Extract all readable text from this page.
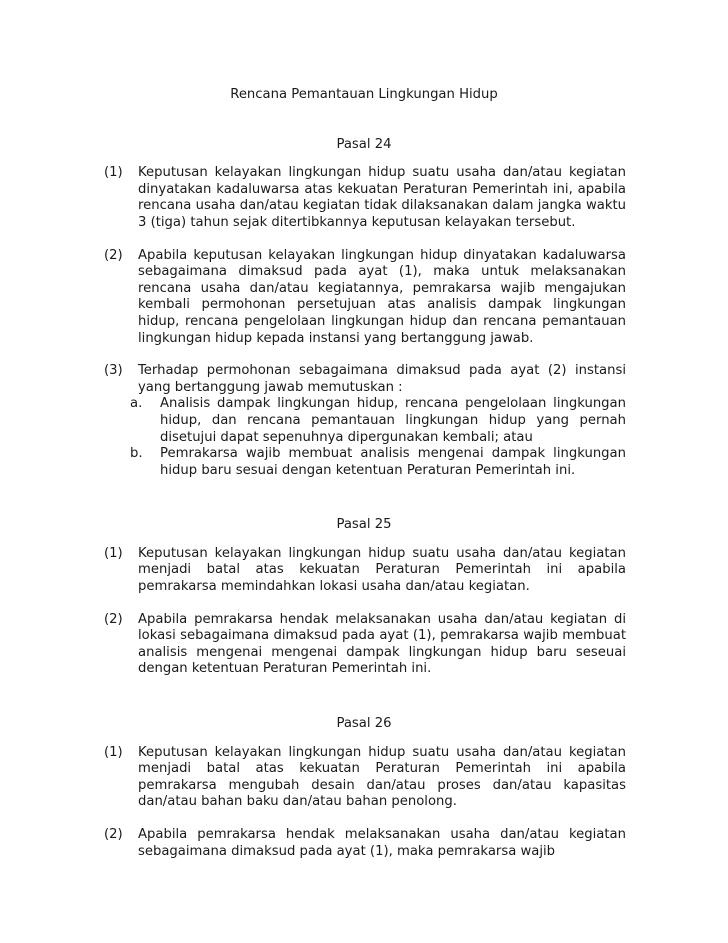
Rencana Pemantauan Lingkungan Hidup
Pasal 24
(1)	Keputusan kelayakan lingkungan hidup suatu usaha dan/atau kegiatan dinyatakan kadaluwarsa atas kekuatan Peraturan Pemerintah ini, apabila rencana usaha dan/atau kegiatan tidak dilaksanakan dalam jangka waktu 3 (tiga) tahun sejak ditertibkannya keputusan kelayakan tersebut.

(2)	Apabila keputusan kelayakan lingkungan hidup dinyatakan kadaluwarsa sebagaimana dimaksud pada ayat (1), maka untuk melaksanakan rencana usaha dan/atau kegiatannya, pemrakarsa wajib mengajukan kembali permohonan persetujuan atas analisis dampak lingkungan hidup, rencana pengelolaan lingkungan hidup dan rencana pemantauan lingkungan hidup kepada instansi yang bertanggung jawab.

(3)	Terhadap permohonan sebagaimana dimaksud pada ayat (2) instansi yang bertanggung jawab memutuskan :

a.	Analisis dampak lingkungan hidup, rencana pengelolaan lingkungan hidup, dan rencana pemantauan lingkungan hidup yang pernah disetujui dapat sepenuhnya dipergunakan kembali; atau
b.	Pemrakarsa wajib membuat analisis mengenai dampak lingkungan hidup baru sesuai dengan ketentuan Peraturan Pemerintah ini.
Pasal 25
(1)	Keputusan kelayakan lingkungan hidup suatu usaha dan/atau kegiatan menjadi batal atas kekuatan Peraturan Pemerintah ini apabila pemrakarsa memindahkan lokasi usaha dan/atau kegiatan.

(2)	Apabila pemrakarsa hendak melaksanakan usaha dan/atau kegiatan di lokasi sebagaimana dimaksud pada ayat (1), pemrakarsa wajib membuat analisis mengenai mengenai dampak lingkungan hidup baru seseuai dengan ketentuan Peraturan Pemerintah ini.

Pasal 26
(1)	Keputusan kelayakan lingkungan hidup suatu usaha dan/atau kegiatan menjadi batal atas kekuatan Peraturan Pemerintah ini apabila pemrakarsa mengubah desain dan/atau proses dan/atau kapasitas dan/atau bahan baku dan/atau bahan penolong.

(2)	Apabila pemrakarsa hendak melaksanakan usaha dan/atau kegiatan sebagaimana dimaksud pada ayat (1), maka pemrakarsa wajib
